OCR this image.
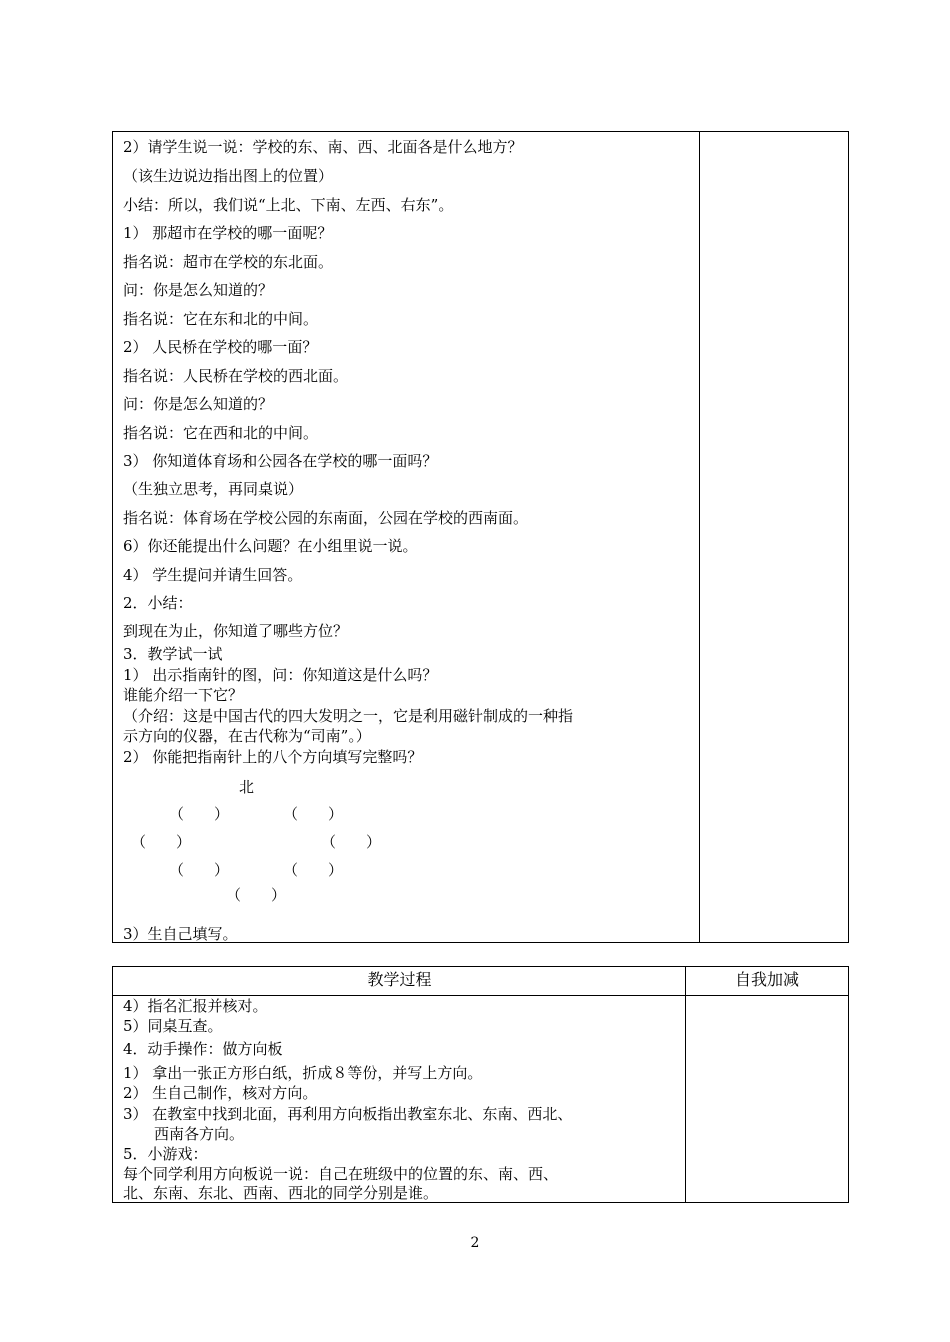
2）请学生说一说：学校的东、南、西、北面各是什么地方？
（该生边说边指出图上的位置）
小结：所以，我们说“上北、下南、左西、右东”。
1） 那超市在学校的哪一面呢？
指名说：超市在学校的东北面。
问：你是怎么知道的？
指名说：它在东和北的中间。
2） 人民桥在学校的哪一面？
指名说：人民桥在学校的西北面。
问：你是怎么知道的？
指名说：它在西和北的中间。
3） 你知道体育场和公园各在学校的哪一面吗？
（生独立思考，再同桌说）
指名说：体育场在学校公园的东南面，公园在学校的西南面。
6）你还能提出什么问题？在小组里说一说。
4） 学生提问并请生回答。
2．小结：
到现在为止，你知道了哪些方位？
3．教学试一试
1） 出示指南针的图，问：你知道这是什么吗？
谁能介绍一下它？
（介绍：这是中国古代的四大发明之一，它是利用磁针制成的一种指
示方向的仪器，在古代称为“司南”。）
2） 你能把指南针上的八个方向填写完整吗？
北
（　　）	（　　）
（　　）	（　　）
（　　）	（　　）
（　　）
3）生自己填写。
教学过程	自我加减
4）指名汇报并核对。
5）同桌互查。
4．动手操作：做方向板
1） 拿出一张正方形白纸，折成８等份，并写上方向。
2） 生自己制作，核对方向。
3） 在教室中找到北面，再利用方向板指出教室东北、东南、西北、
西南各方向。
5．小游戏：
每个同学利用方向板说一说：自己在班级中的位置的东、南、西、
北、东南、东北、西南、西北的同学分别是谁。
2
